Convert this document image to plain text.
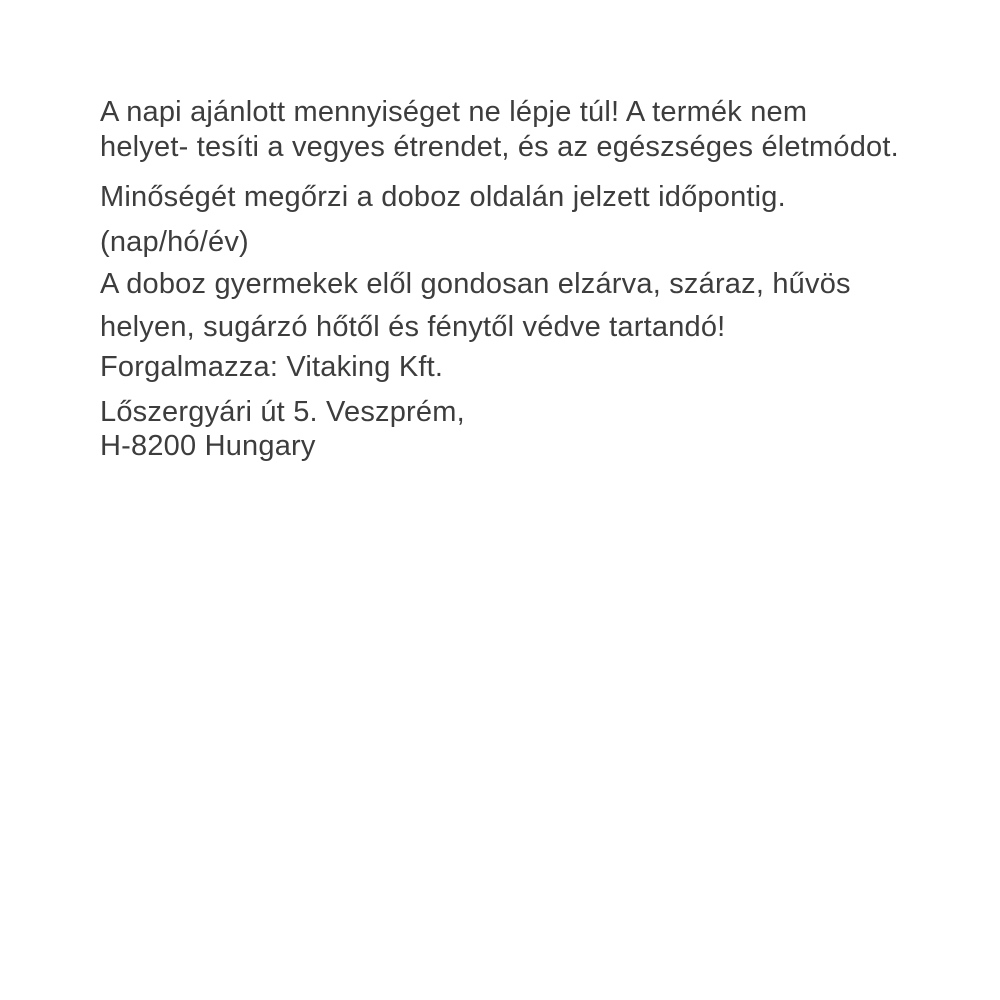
A napi ajánlott mennyiséget ne lépje túl! A termék nem

helyet- tesíti a vegyes étrendet, és az egészséges életmódot.

Minőségét megőrzi a doboz oldalán jelzett időpontig.

(nap/hó/év)

A doboz gyermekek elől gondosan elzárva, száraz, hűvös

helyen, sugárzó hőtől és fénytől védve tartandó!

Forgalmazza: Vitaking Kft.

Lőszergyári út 5. Veszprém,

H-8200 Hungary
